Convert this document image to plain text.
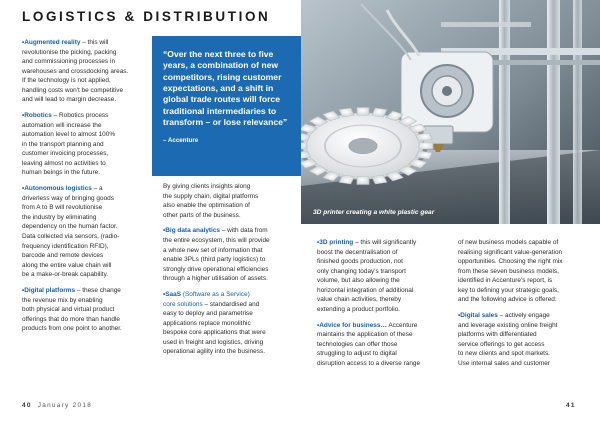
LOGISTICS & DISTRIBUTION

•Augmented reality – this will

revolutionise the picking, packing

and commissioning processes in

warehouses and crossdocking areas.

If the technology is not applied,

handling costs won't be competitive

and will lead to margin decrease.

•Robotics – Robotics process

automation will increase the

automation level to almost 100%

in the transport planning and

customer invoicing processes,

leaving almost no activities to

human beings in the future.

•Autonomous logistics – a

driverless way of bringing goods

from A to B will revolutionise

the industry by eliminating

dependency on the human factor.

Data collected via sensors, (radio-

frequency identification RFID),

barcode and remote devices

along the entire value chain will

be a make-or-break capability.

•Digital platforms – these change

the revenue mix by enabling

both physical and virtual product

offerings that do more than handle

products from one point to another.

“Over the next three to five
years, a combination of new
competitors, rising customer
expectations, and a shift in
global trade routes will force
traditional intermediaries to
transform – or lose relevance”

– Accenture
3D printer creating a white plastic gear

By giving clients insights along

the supply chain, digital platforms

also enable the optimisation of

other parts of the business.

•Big data analytics – with data from

the entire ecosystem, this will provide

a whole new set of information that

enable 3PLs (third party logistics) to

strongly drive operational efficiencies

through a higher utilisation of assets.

•SaaS (Software as a Service)

core solutions – standardised and

easy to deploy and parametrise

applications replace monolithic

bespoke core applications that were

used in freight and logistics, driving

operational agility into the business.

•3D printing – this will significantly

boost the decentralisation of

finished goods production, not

only changing today's transport

volume, but also allowing the

horizontal integration of additional

value chain activities, thereby

extending a product portfolio.

•Advice for business… Accenture

maintains the application of these

technologies can offer those

struggling to adjust to digital

disruption access to a diverse range

of new business models capable of

realising significant value-generation

opportunities. Choosing the right mix

from these seven business models,

identified in Accenture's report, is

key to defining your strategic goals,

and the following advice is offered:

•Digital sales – actively engage

and leverage existing online freight

platforms with differentiated

service offerings to get access

to new clients and spot markets.

Use internal sales and customer

40 January 2018	41
